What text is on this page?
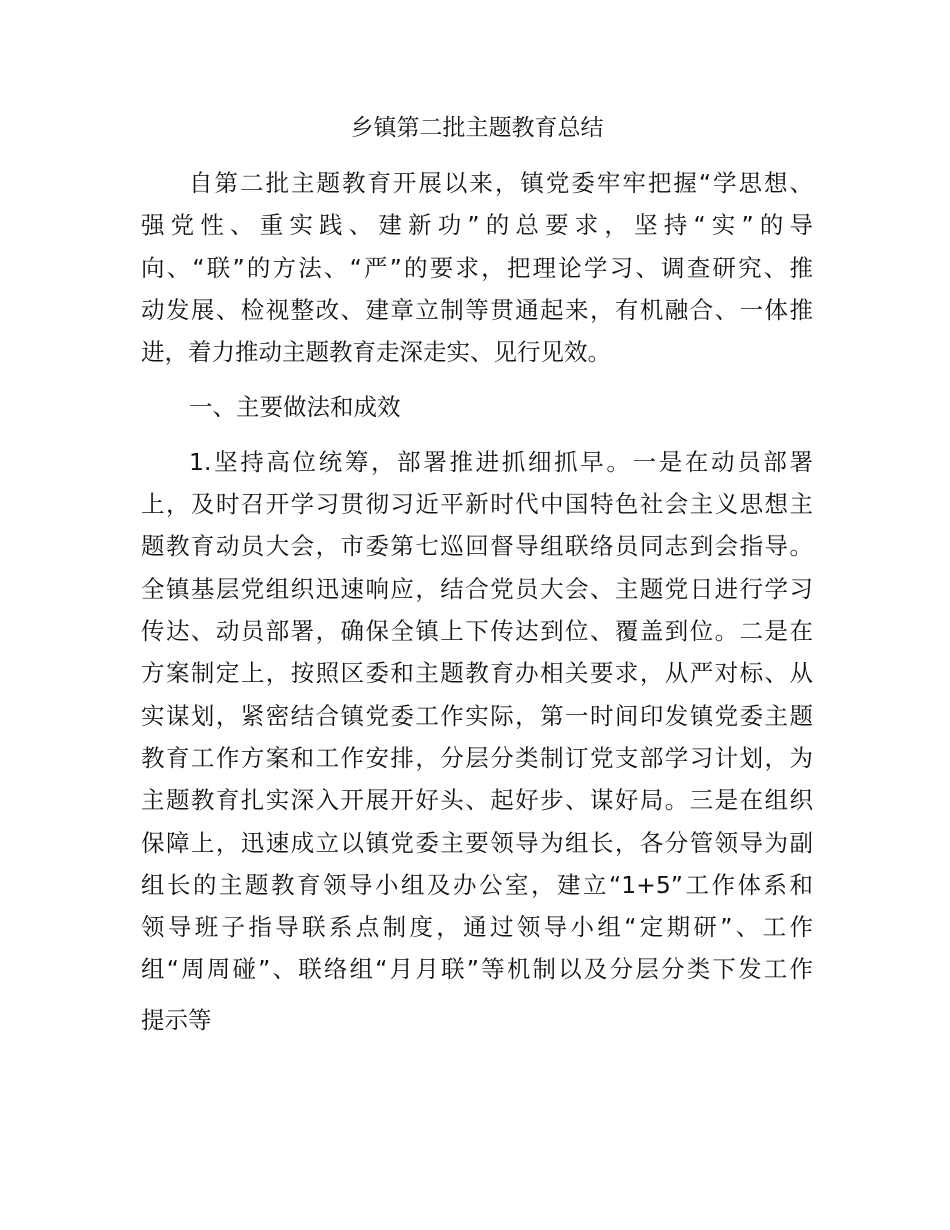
乡镇第二批主题教育总结
自第二批主题教育开展以来，镇党委牢牢把握“学思想、
强党性、重实践、建新功”的总要求，坚持“实”的导
向、“联”的方法、“严”的要求，把理论学习、调查研究、推
动发展、检视整改、建章立制等贯通起来，有机融合、一体推
进，着力推动主题教育走深走实、见行见效。
一、主要做法和成效
1.坚持高位统筹，部署推进抓细抓早。一是在动员部署
上，及时召开学习贯彻习近平新时代中国特色社会主义思想主
题教育动员大会，市委第七巡回督导组联络员同志到会指导。
全镇基层党组织迅速响应，结合党员大会、主题党日进行学习
传达、动员部署，确保全镇上下传达到位、覆盖到位。二是在
方案制定上，按照区委和主题教育办相关要求，从严对标、从
实谋划，紧密结合镇党委工作实际，第一时间印发镇党委主题
教育工作方案和工作安排，分层分类制订党支部学习计划，为
主题教育扎实深入开展开好头、起好步、谋好局。三是在组织
保障上，迅速成立以镇党委主要领导为组长，各分管领导为副
组长的主题教育领导小组及办公室，建立“1+5”工作体系和
领导班子指导联系点制度，通过领导小组“定期研”、工作
组“周周碰”、联络组“月月联”等机制以及分层分类下发工作
提示等
